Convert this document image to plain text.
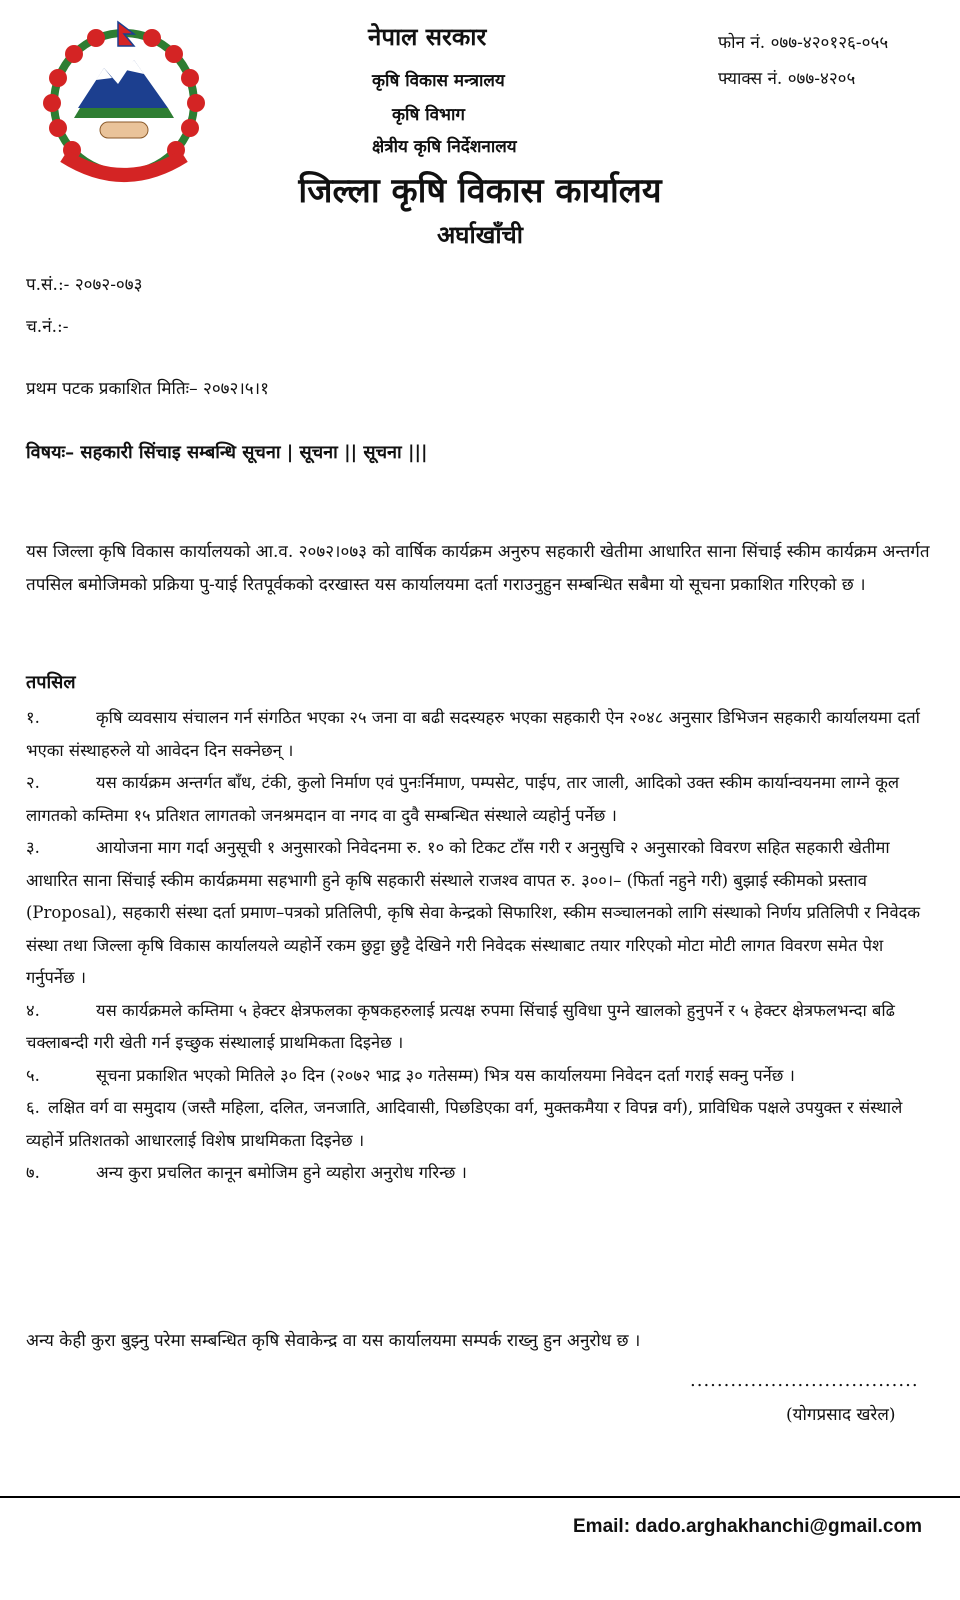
नेपाल सरकार
कृषि विकास मन्त्रालय
कृषि विभाग
क्षेत्रीय कृषि निर्देशनालय
जिल्ला कृषि विकास कार्यालय
अर्घाखाँची
फोन नं. ०७७-४२०१२६-०५५
फ्याक्स नं. ०७७-४२०५
प.सं.:- २०७२-०७३
च.नं.:-
प्रथम पटक प्रकाशित मितिः– २०७२।५।१
विषयः– सहकारी सिंचाइ सम्बन्धि सूचना | सूचना || सूचना |||
यस जिल्ला कृषि विकास कार्यालयको आ.व. २०७२।०७३ को वार्षिक कार्यक्रम अनुरुप सहकारी खेतीमा आधारित साना सिंचाई स्कीम कार्यक्रम अन्तर्गत तपसिल बमोजिमको प्रक्रिया पु-याई रितपूर्वकको दरखास्त यस कार्यालयमा दर्ता गराउनुहुन सम्बन्धित सबैमा यो सूचना प्रकाशित गरिएको छ ।
तपसिल

१.	कृषि व्यवसाय संचालन गर्न संगठित भएका २५ जना वा बढी सदस्यहरु भएका सहकारी ऐन २०४८ अनुसार डिभिजन सहकारी कार्यालयमा दर्ता भएका संस्थाहरुले यो आवेदन दिन सक्नेछन् ।

२.	यस कार्यक्रम अन्तर्गत बाँध, टंकी, कुलो निर्माण एवं पुनःर्निमाण, पम्पसेट, पाईप, तार जाली, आदिको उक्त स्कीम कार्यान्वयनमा लाग्ने कूल लागतको कम्तिमा १५ प्रतिशत लागतको जनश्रमदान वा नगद वा दुवै सम्बन्धित संस्थाले व्यहोर्नु पर्नेछ ।

३.	आयोजना माग गर्दा अनुसूची १ अनुसारको निवेदनमा रु. १० को टिकट टाँस गरी र अनुसुचि २ अनुसारको विवरण सहित सहकारी खेतीमा आधारित साना सिंचाई स्कीम कार्यक्रममा सहभागी हुने कृषि सहकारी संस्थाले राजश्व वापत रु. ३००।– (फिर्ता नहुने गरी) बुझाई स्कीमको प्रस्ताव (Proposal), सहकारी संस्था दर्ता प्रमाण–पत्रको प्रतिलिपी, कृषि सेवा केन्द्रको सिफारिश, स्कीम सञ्चालनको लागि संस्थाको निर्णय प्रतिलिपी र निवेदक संस्था तथा जिल्ला कृषि विकास कार्यालयले व्यहोर्ने रकम छुट्टा छुट्टै देखिने गरी निवेदक संस्थाबाट तयार गरिएको मोटा मोटी लागत विवरण समेत पेश गर्नुपर्नेछ ।

४.	यस कार्यक्रमले कम्तिमा ५ हेक्टर क्षेत्रफलका कृषकहरुलाई प्रत्यक्ष रुपमा सिंचाई सुविधा पुग्ने खालको हुनुपर्ने र ५ हेक्टर क्षेत्रफलभन्दा बढि चक्लाबन्दी गरी खेती गर्न इच्छुक संस्थालाई प्राथमिकता दिइनेछ ।

५.	सूचना प्रकाशित भएको मितिले ३० दिन (२०७२ भाद्र ३० गतेसम्म) भित्र यस कार्यालयमा निवेदन दर्ता गराई सक्नु पर्नेछ ।

६. लक्षित वर्ग वा समुदाय (जस्तै महिला, दलित, जनजाति, आदिवासी, पिछडिएका वर्ग, मुक्तकमैया र विपन्न वर्ग), प्राविधिक पक्षले उपयुक्त र संस्थाले व्यहोर्ने प्रतिशतको आधारलाई विशेष प्राथमिकता दिइनेछ ।

७.	अन्य कुरा प्रचलित कानून बमोजिम हुने व्यहोरा अनुरोध गरिन्छ ।

अन्य केही कुरा बुझ्नु परेमा सम्बन्धित कृषि सेवाकेन्द्र वा यस कार्यालयमा सम्पर्क राख्नु हुन अनुरोध छ ।
..................................
(योगप्रसाद खरेल)
Email: dado.arghakhanchi@gmail.com
